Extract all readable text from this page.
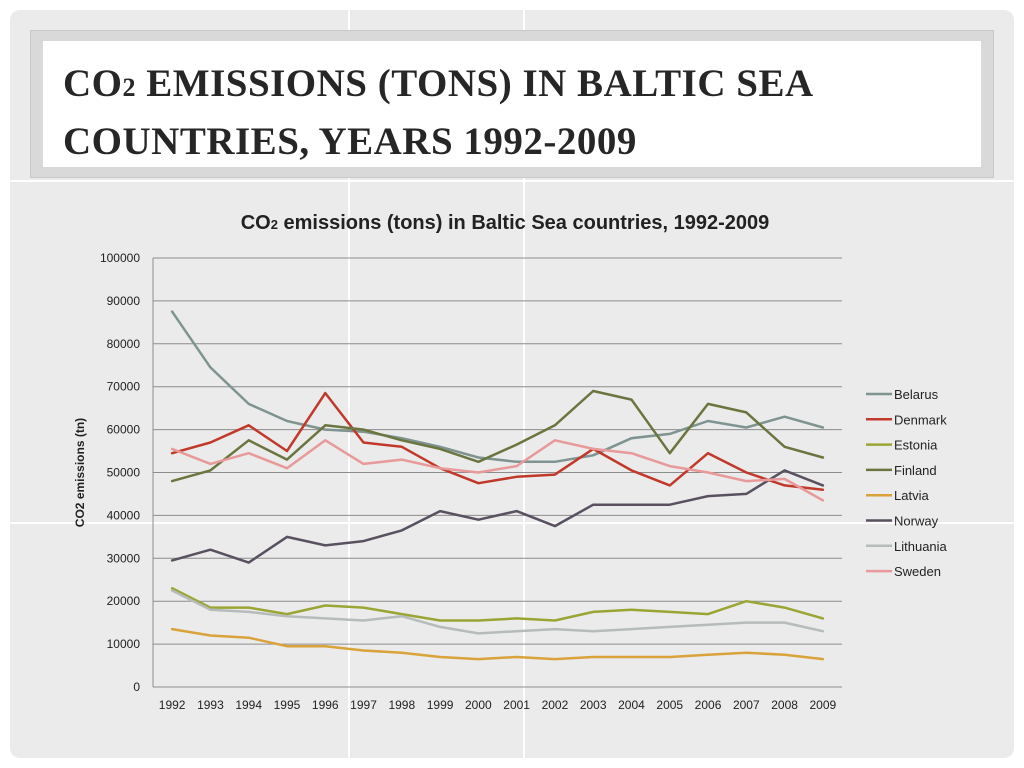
CO2 EMISSIONS (TONS) IN BALTIC SEA
COUNTRIES, YEARS 1992-2009
CO2 emissions (tons) in Baltic Sea countries, 1992-2009
0
10000
20000
30000
40000
50000
60000
70000
80000
90000
100000
1992 1993 1994 1995 1996 1997 1998 1999 2000 2001 2002 2003 2004 2005 2006 2007 2008 2009
CO2 emissions (tn)
Belarus
Denmark
Estonia
Finland
Latvia
Norway
Lithuania
Sweden
